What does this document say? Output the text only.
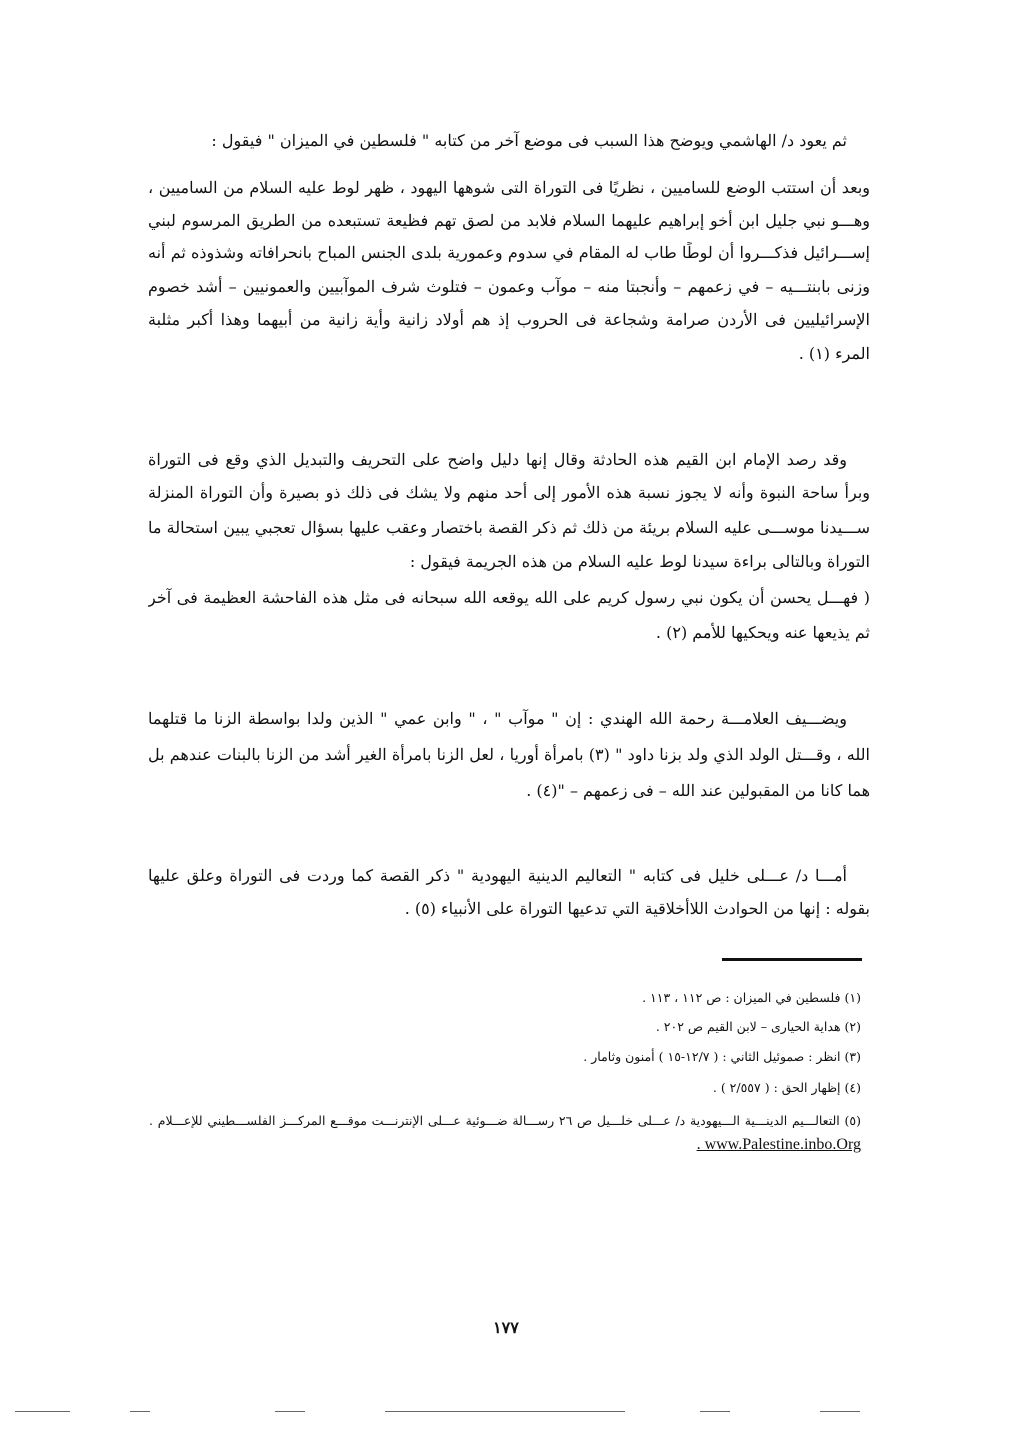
ثم يعود د/ الهاشمي ويوضح هذا السبب فى موضع آخر من كتابه " فلسطين في الميزان " فيقول :
وبعد أن استتب الوضع للساميين ، نظريًا فى التوراة التى شوهها اليهود ، ظهر لوط عليه السلام من الساميين ،
وهـــو نبي جليل ابن أخو إبراهيم عليهما السلام فلابد من لصق تهم فظيعة تستبعده من الطريق المرسوم لبني
إســـرائيل فذكـــروا أن لوطًا طاب له المقام في سدوم وعمورية بلدى الجنس المباح بانحرافاته وشذوذه ثم أنه
وزنى بابنتـــيه – في زعمهم – وأنجبتا منه – موآب وعمون – فتلوث شرف الموآبيين والعمونيين – أشد خصوم
الإسرائيليين فى الأردن صرامة وشجاعة فى الحروب إذ هم أولاد زانية وأية زانية من أبيهما وهذا أكبر مثلبة
المرء (١) .
وقد رصد الإمام ابن القيم هذه الحادثة وقال إنها دليل واضح على التحريف والتبديل الذي وقع فى التوراة
وبرأ ساحة النبوة وأنه لا يجوز نسبة هذه الأمور إلى أحد منهم ولا يشك فى ذلك ذو بصيرة وأن التوراة المنزلة
ســـيدنا موســـى عليه السلام بريئة من ذلك ثم ذكر القصة باختصار وعقب عليها بسؤال تعجبي يبين استحالة ما
التوراة وبالتالى براءة سيدنا لوط عليه السلام من هذه الجريمة فيقول :
( فهـــل يحسن أن يكون نبي رسول كريم على الله يوقعه الله سبحانه فى مثل هذه الفاحشة العظيمة فى آخر
ثم يذيعها عنه ويحكيها للأمم (٢) .
ويضـــيف العلامـــة رحمة الله الهندي : إن " موآب " ، " وابن عمي " الذين ولدا بواسطة الزنا ما قتلهما
الله ، وقـــتل الولد الذي ولد بزنا داود " (٣) بامرأة أوريا ، لعل الزنا بامرأة الغير أشد من الزنا بالبنات عندهم بل
هما كانا من المقبولين عند الله – فى زعمهم – "(٤) .
أمـــا د/ عـــلى خليل فى كتابه " التعاليم الدينية اليهودية " ذكر القصة كما وردت فى التوراة وعلق عليها
بقوله : إنها من الحوادث اللاأخلاقية التي تدعيها التوراة على الأنبياء (٥) .
(١) فلسطين في الميزان : ص ١١٢ ، ١١٣ .
(٢) هداية الحيارى – لابن القيم ص ٢٠٢ .
(٣) انظر : صموئيل الثاني : ( ١٢/٧-١٥ ) أمنون وثامار .
(٤) إظهار الحق : ( ٢/٥٥٧ ) .
(٥) التعالـــيم الدينـــية الـــيهودية د/ عـــلى خلـــيل ص ٢٦ رســـالة ضـــوئية عـــلى الإنترنـــت موقـــع المركـــز الفلســـطيني للإعـــلام .
. www.Palestine.inbo.Org
١٧٧
